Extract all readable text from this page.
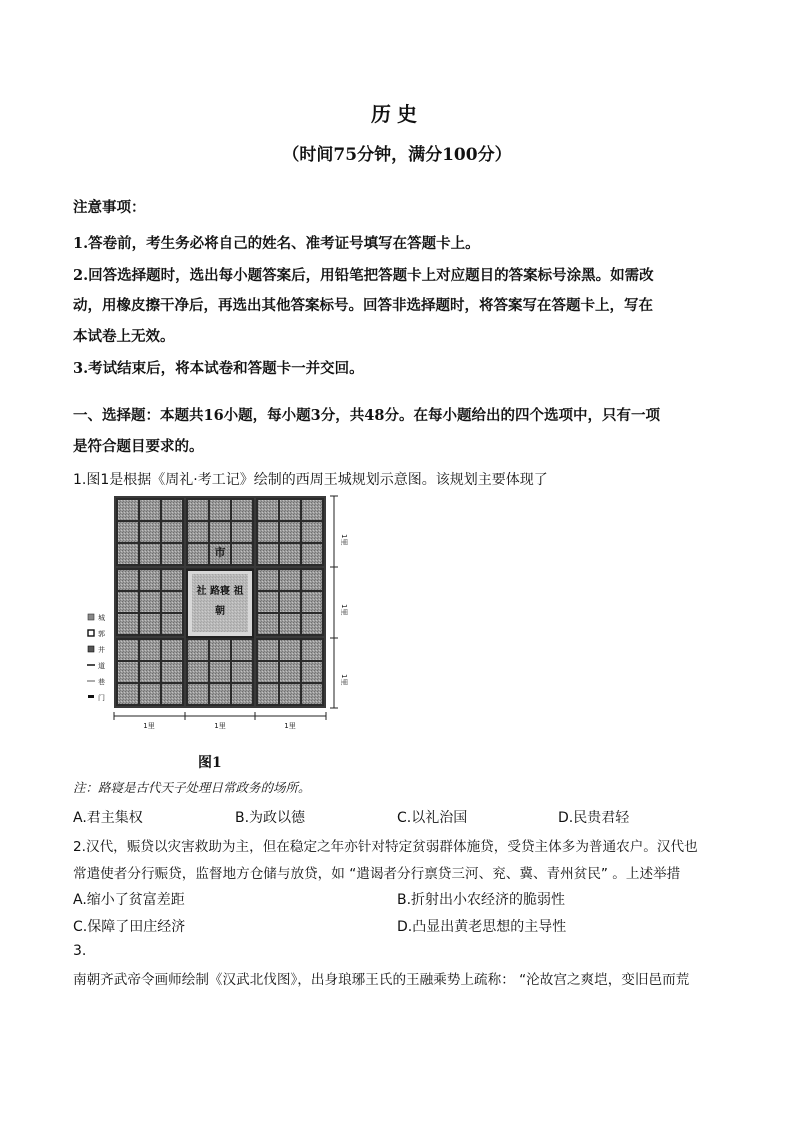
历史
（时间75分钟，满分100分）
注意事项：
1.答卷前，考生务必将自己的姓名、准考证号填写在答题卡上。
2.回答选择题时，选出每小题答案后，用铅笔把答题卡上对应题目的答案标号涂黑。如需改
动，用橡皮擦干净后，再选出其他答案标号。回答非选择题时，将答案写在答题卡上，写在
本试卷上无效。
3.考试结束后，将本试卷和答题卡一并交回。
一、选择题：本题共16小题，每小题3分，共48分。在每小题给出的四个选项中，只有一项
是符合题目要求的。
1.图1是根据《周礼·考工记》绘制的西周王城规划示意图。该规划主要体现了
市
社 路寝 祖
朝
1里
1里
1里
1里	1里	1里
城
郭
井
道
巷
门
图1
注：路寝是古代天子处理日常政务的场所。
A.君主集权	B.为政以德	C.以礼治国	D.民贵君轻
2.汉代，赈贷以灾害救助为主，但在稳定之年亦针对特定贫弱群体施贷，受贷主体多为普通农户。汉代也
常遣使者分行赈贷，监督地方仓储与放贷，如 “遣谒者分行禀贷三河、兖、冀、青州贫民” 。上述举措
A.缩小了贫富差距	B.折射出小农经济的脆弱性
C.保障了田庄经济	D.凸显出黄老思想的主导性
3.
南朝齐武帝令画师绘制《汉武北伐图》，出身琅琊王氏的王融乘势上疏称： “沦故宫之爽垲，变旧邑而荒
